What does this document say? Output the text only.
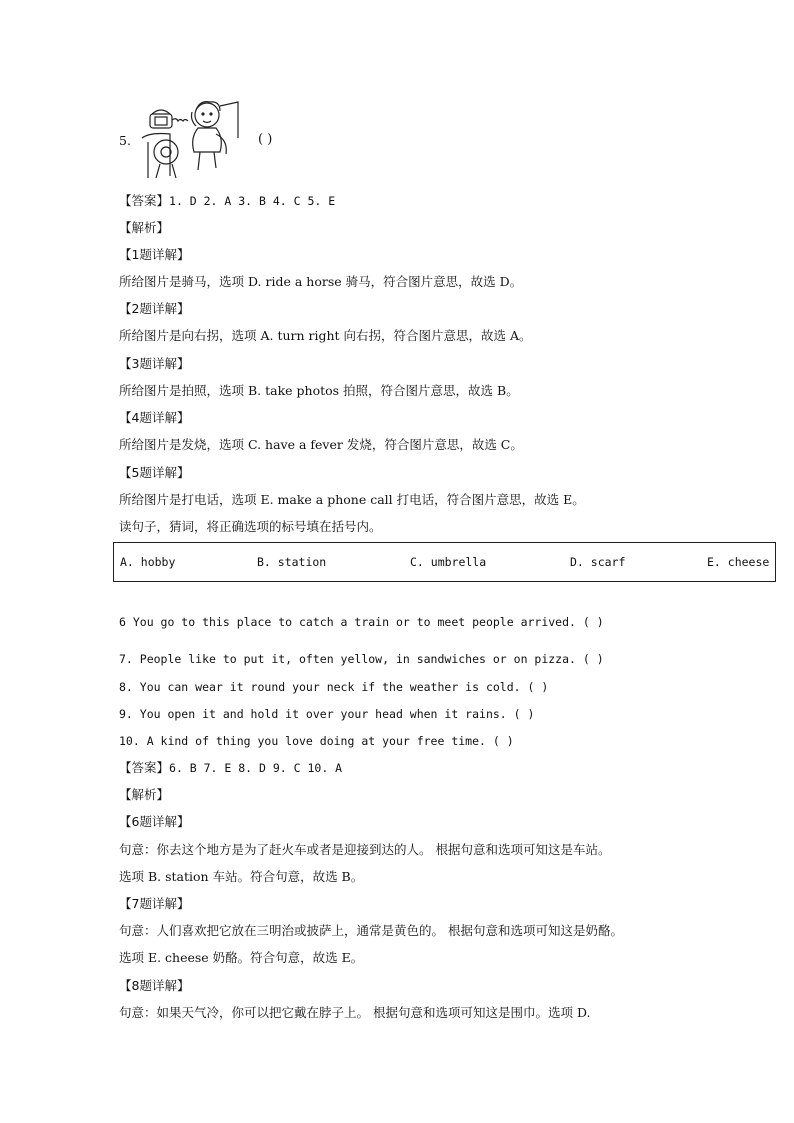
5.	( )

【答案】1. D 2. A 3. B 4. C 5. E

【解析】

【1题详解】

所给图片是骑马，选项 D. ride a horse 骑马，符合图片意思，故选 D。

【2题详解】

所给图片是向右拐，选项 A. turn right 向右拐，符合图片意思，故选 A。

【3题详解】

所给图片是拍照，选项 B. take photos 拍照，符合图片意思，故选 B。

【4题详解】

所给图片是发烧，选项 C. have a fever 发烧，符合图片意思，故选 C。

【5题详解】

所给图片是打电话，选项 E. make a phone call 打电话，符合图片意思，故选 E。

读句子，猜词，将正确选项的标号填在括号内。

A. hobby	B. station	C. umbrella	D. scarf	E. cheese

6 You go to this place to catch a train or to meet people arrived. ( )

7. People like to put it, often yellow, in sandwiches or on pizza. ( )

8. You can wear it round your neck if the weather is cold. ( )

9. You open it and hold it over your head when it rains. ( )

10. A kind of thing you love doing at your free time. ( )

【答案】6. B 7. E 8. D 9. C 10. A

【解析】

【6题详解】

句意：你去这个地方是为了赶火车或者是迎接到达的人。 根据句意和选项可知这是车站。

选项 B. station 车站。符合句意，故选 B。

【7题详解】

句意：人们喜欢把它放在三明治或披萨上，通常是黄色的。 根据句意和选项可知这是奶酪。

选项 E. cheese 奶酪。符合句意，故选 E。

【8题详解】

句意：如果天气冷，你可以把它戴在脖子上。 根据句意和选项可知这是围巾。选项 D.
